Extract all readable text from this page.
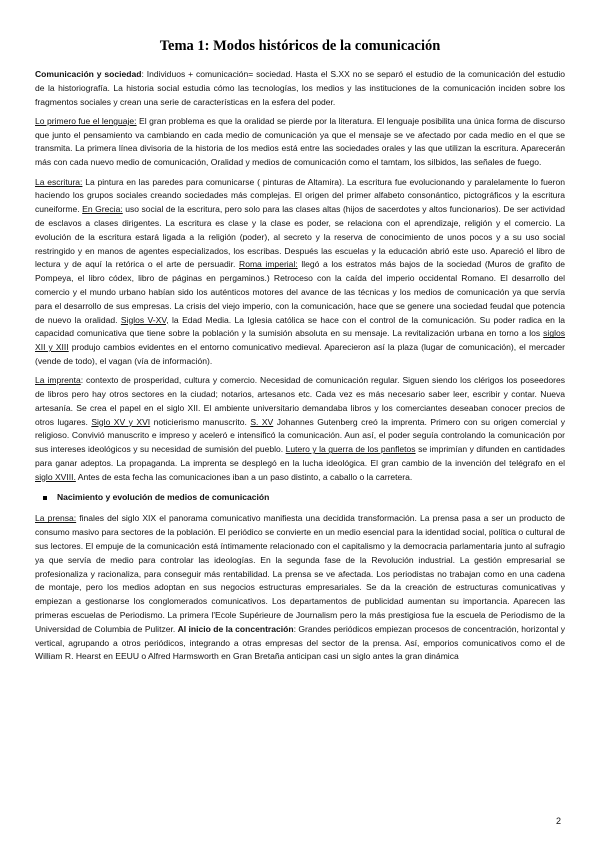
Tema 1: Modos históricos de la comunicación

Comunicación y sociedad: Individuos + comunicación= sociedad. Hasta el S.XX no se separó el estudio de la comunicación del estudio de la historiografía. La historia social estudia cómo las tecnologías, los medios y las instituciones de la comunicación inciden sobre los fragmentos sociales y crean una serie de características en la esfera del poder.

Lo primero fue el lenguaje: El gran problema es que la oralidad se pierde por la literatura. El lenguaje posibilita una única forma de discurso que junto el pensamiento va cambiando en cada medio de comunicación ya que el mensaje se ve afectado por cada medio en el que se transmita. La primera línea divisoria de la historia de los medios está entre las sociedades orales y las que utilizan la escritura. Aparecerán más con cada nuevo medio de comunicación, Oralidad y medios de comunicación como el tamtam, los silbidos, las señales de fuego.

La escritura: La pintura en las paredes para comunicarse ( pinturas de Altamira). La escritura fue evolucionando y paralelamente lo fueron haciendo los grupos sociales creando sociedades más complejas. El origen del primer alfabeto consonántico, pictográficos y la escritura cuneiforme. En Grecia: uso social de la escritura, pero solo para las clases altas (hijos de sacerdotes y altos funcionarios). De ser actividad de esclavos a clases dirigentes. La escritura es clase y la clase es poder, se relaciona con el aprendizaje, religión y el comercio. La evolución de la escritura estará ligada a la religión (poder), al secreto y la reserva de conocimiento de unos pocos y a su uso social restringido y en manos de agentes especializados, los escribas. Después las escuelas y la educación abrió este uso. Apareció el libro de lectura y de aquí la retórica o el arte de persuadir. Roma imperial: llegó a los estratos más bajos de la sociedad (Muros de grafito de Pompeya, el libro códex, libro de páginas en pergaminos.) Retroceso con la caída del imperio occidental Romano. El desarrollo del comercio y el mundo urbano habían sido los auténticos motores del avance de las técnicas y los medios de comunicación ya que servía para el desarrollo de sus empresas. La crisis del viejo imperio, con la comunicación, hace que se genere una sociedad feudal que potencia de nuevo la oralidad. Siglos V-XV, la Edad Media. La Iglesia católica se hace con el control de la comunicación. Su poder radica en la capacidad comunicativa que tiene sobre la población y la sumisión absoluta en su mensaje. La revitalización urbana en torno a los siglos XII y XIII produjo cambios evidentes en el entorno comunicativo medieval. Aparecieron así la plaza (lugar de comunicación), el mercader (vende de todo), el vagan (vía de información).

La imprenta: contexto de prosperidad, cultura y comercio. Necesidad de comunicación regular. Siguen siendo los clérigos los poseedores de libros pero hay otros sectores en la ciudad; notarios, artesanos etc. Cada vez es más necesario saber leer, escribir y contar. Nueva artesanía. Se crea el papel en el siglo XII. El ambiente universitario demandaba libros y los comerciantes deseaban conocer precios de otros lugares. Siglo XV y XVI noticierismo manuscrito. S. XV Johannes Gutenberg creó la imprenta. Primero con su origen comercial y religioso. Convivió manuscrito e impreso y aceleró e intensificó la comunicación. Aun así, el poder seguía controlando la comunicación por sus intereses ideológicos y su necesidad de sumisión del pueblo. Lutero y la guerra de los panfletos se imprimían y difunden en cantidades para ganar adeptos. La propaganda. La imprenta se desplegó en la lucha ideológica. El gran cambio de la invención del telégrafo en el siglo XVIII. Antes de esta fecha las comunicaciones iban a un paso distinto, a caballo o la carretera.

Nacimiento y evolución de medios de comunicación

La prensa: finales del siglo XIX el panorama comunicativo manifiesta una decidida transformación. La prensa pasa a ser un producto de consumo masivo para sectores de la población. El periódico se convierte en un medio esencial para la identidad social, política o cultural de sus lectores. El empuje de la comunicación está íntimamente relacionado con el capitalismo y la democracia parlamentaria junto al sufragio ya que servía de medio para controlar las ideologías. En la segunda fase de la Revolución industrial. La gestión empresarial se profesionaliza y racionaliza, para conseguir más rentabilidad. La prensa se ve afectada. Los periodistas no trabajan como en una cadena de montaje, pero los medios adoptan en sus negocios estructuras empresariales. Se da la creación de estructuras comunicativas y empiezan a gestionarse los conglomerados comunicativos. Los departamentos de publicidad aumentan su importancia. Aparecen las primeras escuelas de Periodismo. La primera l'Ecole Supérieure de Journalism pero la más prestigiosa fue la escuela de Periodismo de la Universidad de Columbia de Pulitzer. Al inicio de la concentración: Grandes periódicos empiezan procesos de concentración, horizontal y vertical, agrupando a otros periódicos, integrando a otras empresas del sector de la prensa. Así, emporios comunicativos como el de William R. Hearst en EEUU o Alfred Harmsworth en Gran Bretaña anticipan casi un siglo antes la gran dinámica

2
